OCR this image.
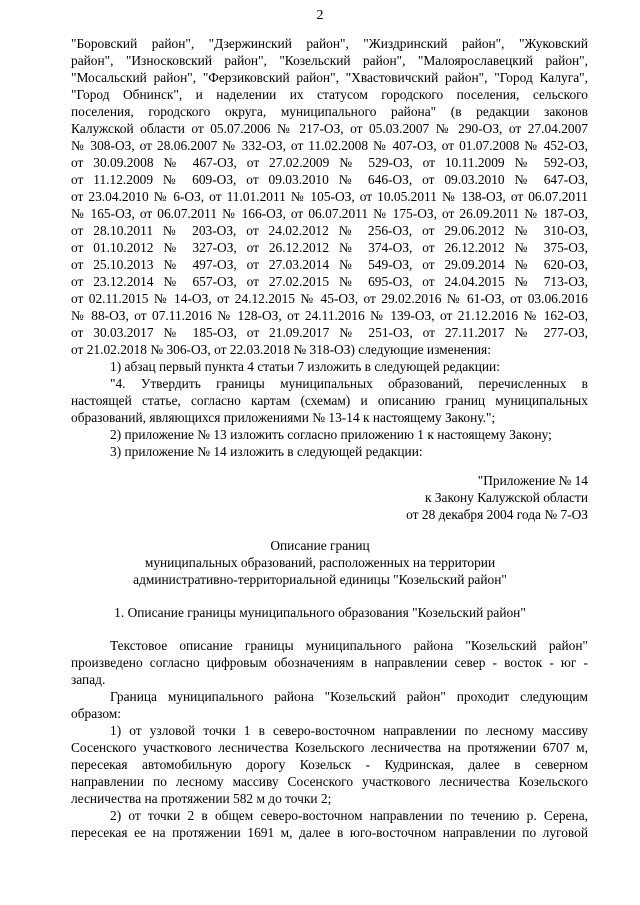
2
"Боровский район", "Дзержинский район", "Жиздринский район", "Жуковский
район", "Износковский район", "Козельский район", "Малоярославецкий район",
"Мосальский район", "Ферзиковский район", "Хвастовичский район", "Город Калуга",
"Город Обнинск", и наделении их статусом городского поселения, сельского
поселения, городского округа, муниципального района" (в редакции законов
Калужской области от 05.07.2006 № 217-ОЗ, от 05.03.2007 № 290-ОЗ, от 27.04.2007
№ 308-ОЗ, от 28.06.2007 № 332-ОЗ, от 11.02.2008 № 407-ОЗ, от 01.07.2008 № 452-ОЗ,
от 30.09.2008 № 467-ОЗ, от 27.02.2009 № 529-ОЗ, от 10.11.2009 № 592-ОЗ,
от 11.12.2009 № 609-ОЗ, от 09.03.2010 № 646-ОЗ, от 09.03.2010 № 647-ОЗ,
от 23.04.2010 № 6-ОЗ, от 11.01.2011 № 105-ОЗ, от 10.05.2011 № 138-ОЗ, от 06.07.2011
№ 165-ОЗ, от 06.07.2011 № 166-ОЗ, от 06.07.2011 № 175-ОЗ, от 26.09.2011 № 187-ОЗ,
от 28.10.2011 № 203-ОЗ, от 24.02.2012 № 256-ОЗ, от 29.06.2012 № 310-ОЗ,
от 01.10.2012 № 327-ОЗ, от 26.12.2012 № 374-ОЗ, от 26.12.2012 № 375-ОЗ,
от 25.10.2013 № 497-ОЗ, от 27.03.2014 № 549-ОЗ, от 29.09.2014 № 620-ОЗ,
от 23.12.2014 № 657-ОЗ, от 27.02.2015 № 695-ОЗ, от 24.04.2015 № 713-ОЗ,
от 02.11.2015 № 14-ОЗ, от 24.12.2015 № 45-ОЗ, от 29.02.2016 № 61-ОЗ, от 03.06.2016
№ 88-ОЗ, от 07.11.2016 № 128-ОЗ, от 24.11.2016 № 139-ОЗ, от 21.12.2016 № 162-ОЗ,
от 30.03.2017 № 185-ОЗ, от 21.09.2017 № 251-ОЗ, от 27.11.2017 № 277-ОЗ,
от 21.02.2018 № 306-ОЗ, от 22.03.2018 № 318-ОЗ) следующие изменения:
1) абзац первый пункта 4 статьи 7 изложить в следующей редакции:
"4. Утвердить границы муниципальных образований, перечисленных в
настоящей статье, согласно картам (схемам) и описанию границ муниципальных
образований, являющихся приложениями № 13-14 к настоящему Закону.";
2) приложение № 13 изложить согласно приложению 1 к настоящему Закону;
3) приложение № 14 изложить в следующей редакции:
"Приложение № 14
к Закону Калужской области
от 28 декабря 2004 года № 7-ОЗ
Описание границ
муниципальных образований, расположенных на территории
административно-территориальной единицы "Козельский район"
1. Описание границы муниципального образования "Козельский район"
Текстовое описание границы муниципального района "Козельский район"
произведено согласно цифровым обозначениям в направлении север - восток - юг -
запад.
Граница муниципального района "Козельский район" проходит следующим
образом:
1) от узловой точки 1 в северо-восточном направлении по лесному массиву
Сосенского участкового лесничества Козельского лесничества на протяжении 6707 м,
пересекая автомобильную дорогу Козельск - Кудринская, далее в северном
направлении по лесному массиву Сосенского участкового лесничества Козельского
лесничества на протяжении 582 м до точки 2;
2) от точки 2 в общем северо-восточном направлении по течению р. Серена,
пересекая ее на протяжении 1691 м, далее в юго-восточном направлении по луговой
